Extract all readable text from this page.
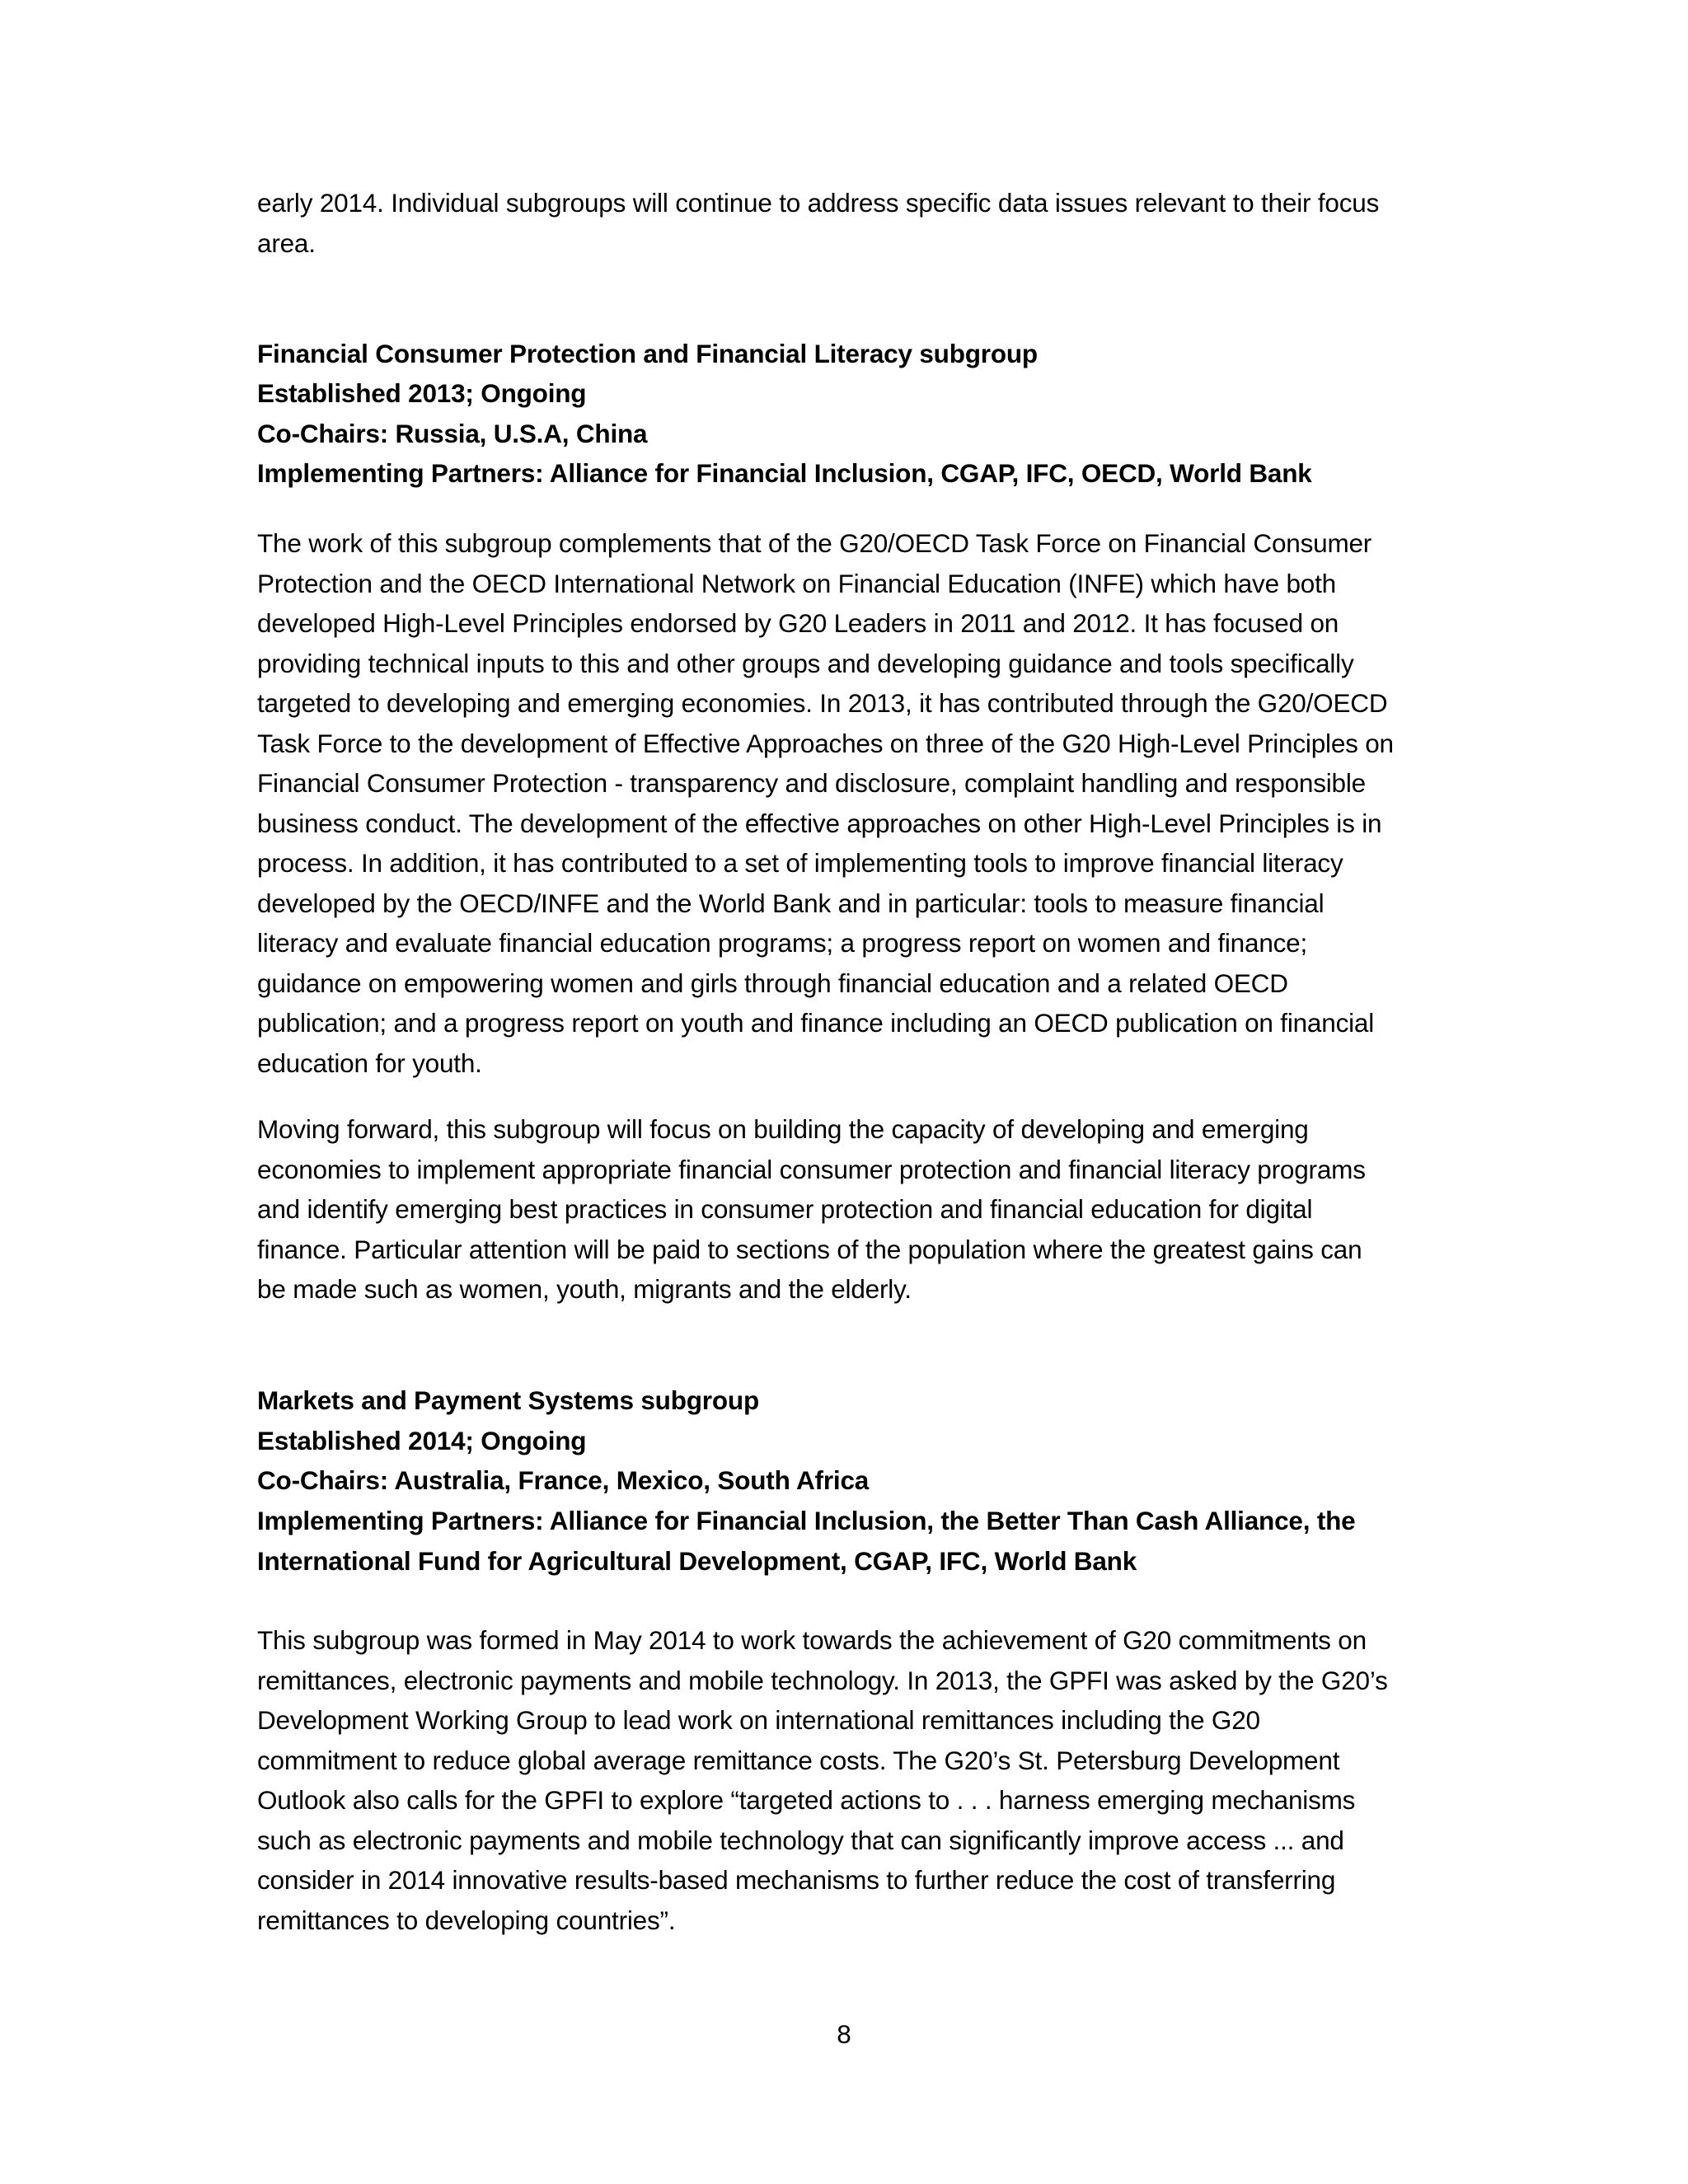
early 2014. Individual subgroups will continue to address specific data issues relevant to their focus
area.

Financial Consumer Protection and Financial Literacy subgroup

Established 2013; Ongoing

Co-Chairs: Russia, U.S.A, China

Implementing Partners: Alliance for Financial Inclusion, CGAP, IFC, OECD, World Bank

The work of this subgroup complements that of the G20/OECD Task Force on Financial Consumer
Protection and the OECD International Network on Financial Education (INFE) which have both
developed High-Level Principles endorsed by G20 Leaders in 2011 and 2012. It has focused on
providing technical inputs to this and other groups and developing guidance and tools specifically
targeted to developing and emerging economies. In 2013, it has contributed through the G20/OECD
Task Force to the development of Effective Approaches on three of the G20 High-Level Principles on
Financial Consumer Protection - transparency and disclosure, complaint handling and responsible
business conduct. The development of the effective approaches on other High-Level Principles is in
process. In addition, it has contributed to a set of implementing tools to improve financial literacy
developed by the OECD/INFE and the World Bank and in particular: tools to measure financial
literacy and evaluate financial education programs; a progress report on women and finance;
guidance on empowering women and girls through financial education and a related OECD
publication; and a progress report on youth and finance including an OECD publication on financial
education for youth.

Moving forward, this subgroup will focus on building the capacity of developing and emerging
economies to implement appropriate financial consumer protection and financial literacy programs
and identify emerging best practices in consumer protection and financial education for digital
finance. Particular attention will be paid to sections of the population where the greatest gains can
be made such as women, youth, migrants and the elderly.

Markets and Payment Systems subgroup

Established 2014; Ongoing

Co-Chairs: Australia, France, Mexico, South Africa

Implementing Partners: Alliance for Financial Inclusion, the Better Than Cash Alliance, the
International Fund for Agricultural Development, CGAP, IFC, World Bank

This subgroup was formed in May 2014 to work towards the achievement of G20 commitments on
remittances, electronic payments and mobile technology. In 2013, the GPFI was asked by the G20’s
Development Working Group to lead work on international remittances including the G20
commitment to reduce global average remittance costs. The G20’s St. Petersburg Development
Outlook also calls for the GPFI to explore “targeted actions to . . . harness emerging mechanisms
such as electronic payments and mobile technology that can significantly improve access ... and
consider in 2014 innovative results-based mechanisms to further reduce the cost of transferring
remittances to developing countries”.

8
